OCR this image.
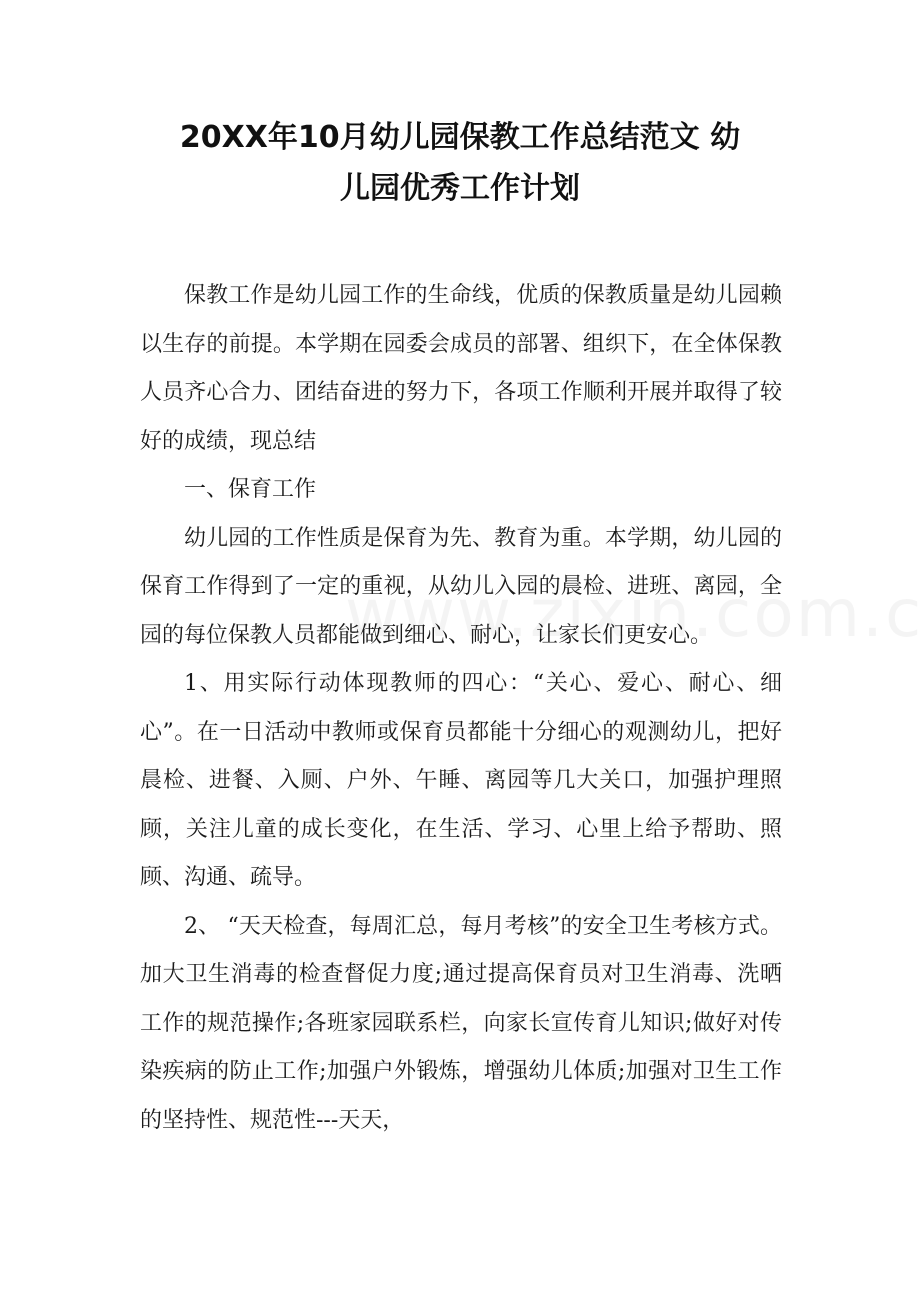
20XX年10月幼儿园保教工作总结范文 幼
儿园优秀工作计划

保教工作是幼儿园工作的生命线，优质的保教质量是幼儿园赖以生存的前提。本学期在园委会成员的部署、组织下，在全体保教人员齐心合力、团结奋进的努力下，各项工作顺利开展并取得了较好的成绩，现总结

一、保育工作

幼儿园的工作性质是保育为先、教育为重。本学期，幼儿园的保育工作得到了一定的重视，从幼儿入园的晨检、进班、离园，全园的每位保教人员都能做到细心、耐心，让家长们更安心。

1、用实际行动体现教师的四心：“关心、爱心、耐心、细心”。在一日活动中教师或保育员都能十分细心的观测幼儿，把好晨检、进餐、入厕、户外、午睡、离园等几大关口，加强护理照顾，关注儿童的成长变化，在生活、学习、心里上给予帮助、照顾、沟通、疏导。

2、 “天天检查，每周汇总，每月考核”的安全卫生考核方式。加大卫生消毒的检查督促力度;通过提高保育员对卫生消毒、洗晒工作的规范操作;各班家园联系栏，向家长宣传育儿知识;做好对传染疾病的防止工作;加强户外锻炼，增强幼儿体质;加强对卫生工作的坚持性、规范性---天天，
